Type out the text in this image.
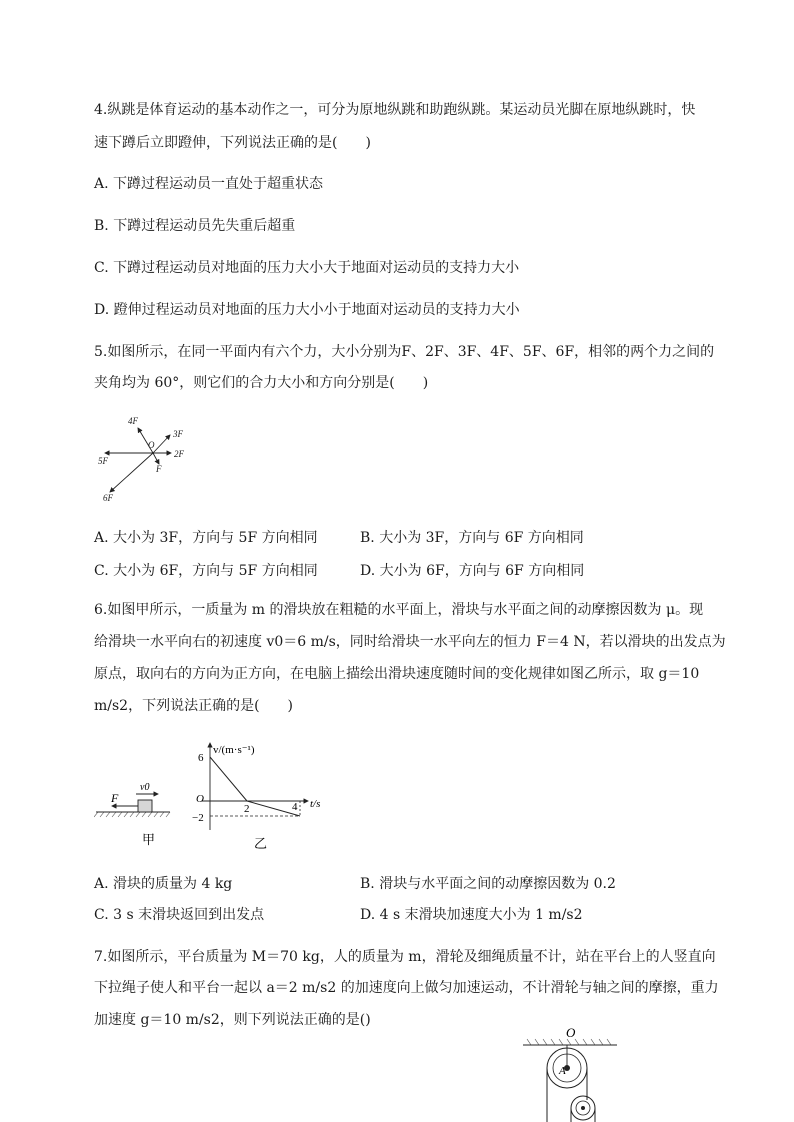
4.纵跳是体育运动的基本动作之一，可分为原地纵跳和助跑纵跳。某运动员光脚在原地纵跳时，快
速下蹲后立即蹬伸，下列说法正确的是(　　)
A. 下蹲过程运动员一直处于超重状态
B. 下蹲过程运动员先失重后超重
C. 下蹲过程运动员对地面的压力大小大于地面对运动员的支持力大小
D. 蹬伸过程运动员对地面的压力大小小于地面对运动员的支持力大小
5.如图所示，在同一平面内有六个力，大小分别为F、2F、3F、4F、5F、6F，相邻的两个力之间的
夹角均为 60°，则它们的合力大小和方向分别是(　　)
4F
3F
2F
5F
F
6F
O
A. 大小为 3F，方向与 5F 方向相同	B. 大小为 3F，方向与 6F 方向相同
C. 大小为 6F，方向与 5F 方向相同	D. 大小为 6F，方向与 6F 方向相同
6.如图甲所示，一质量为 m 的滑块放在粗糙的水平面上，滑块与水平面之间的动摩擦因数为 μ。现
给滑块一水平向右的初速度 v0＝6 m/s，同时给滑块一水平向左的恒力 F＝4 N，若以滑块的出发点为
原点，取向右的方向为正方向，在电脑上描绘出滑块速度随时间的变化规律如图乙所示，取 g＝10
m/s2，下列说法正确的是(　　)
F
v0
甲
v/(m·s⁻¹)
t/s
6
−2
O
2	4
乙
A. 滑块的质量为 4 kg	B. 滑块与水平面之间的动摩擦因数为 0.2
C. 3 s 末滑块返回到出发点	D. 4 s 末滑块加速度大小为 1 m/s2
7.如图所示，平台质量为 M＝70 kg，人的质量为 m，滑轮及细绳质量不计，站在平台上的人竖直向
下拉绳子使人和平台一起以 a＝2 m/s2 的加速度向上做匀加速运动，不计滑轮与轴之间的摩擦，重力
加速度 g＝10 m/s2，则下列说法正确的是()
O
A
